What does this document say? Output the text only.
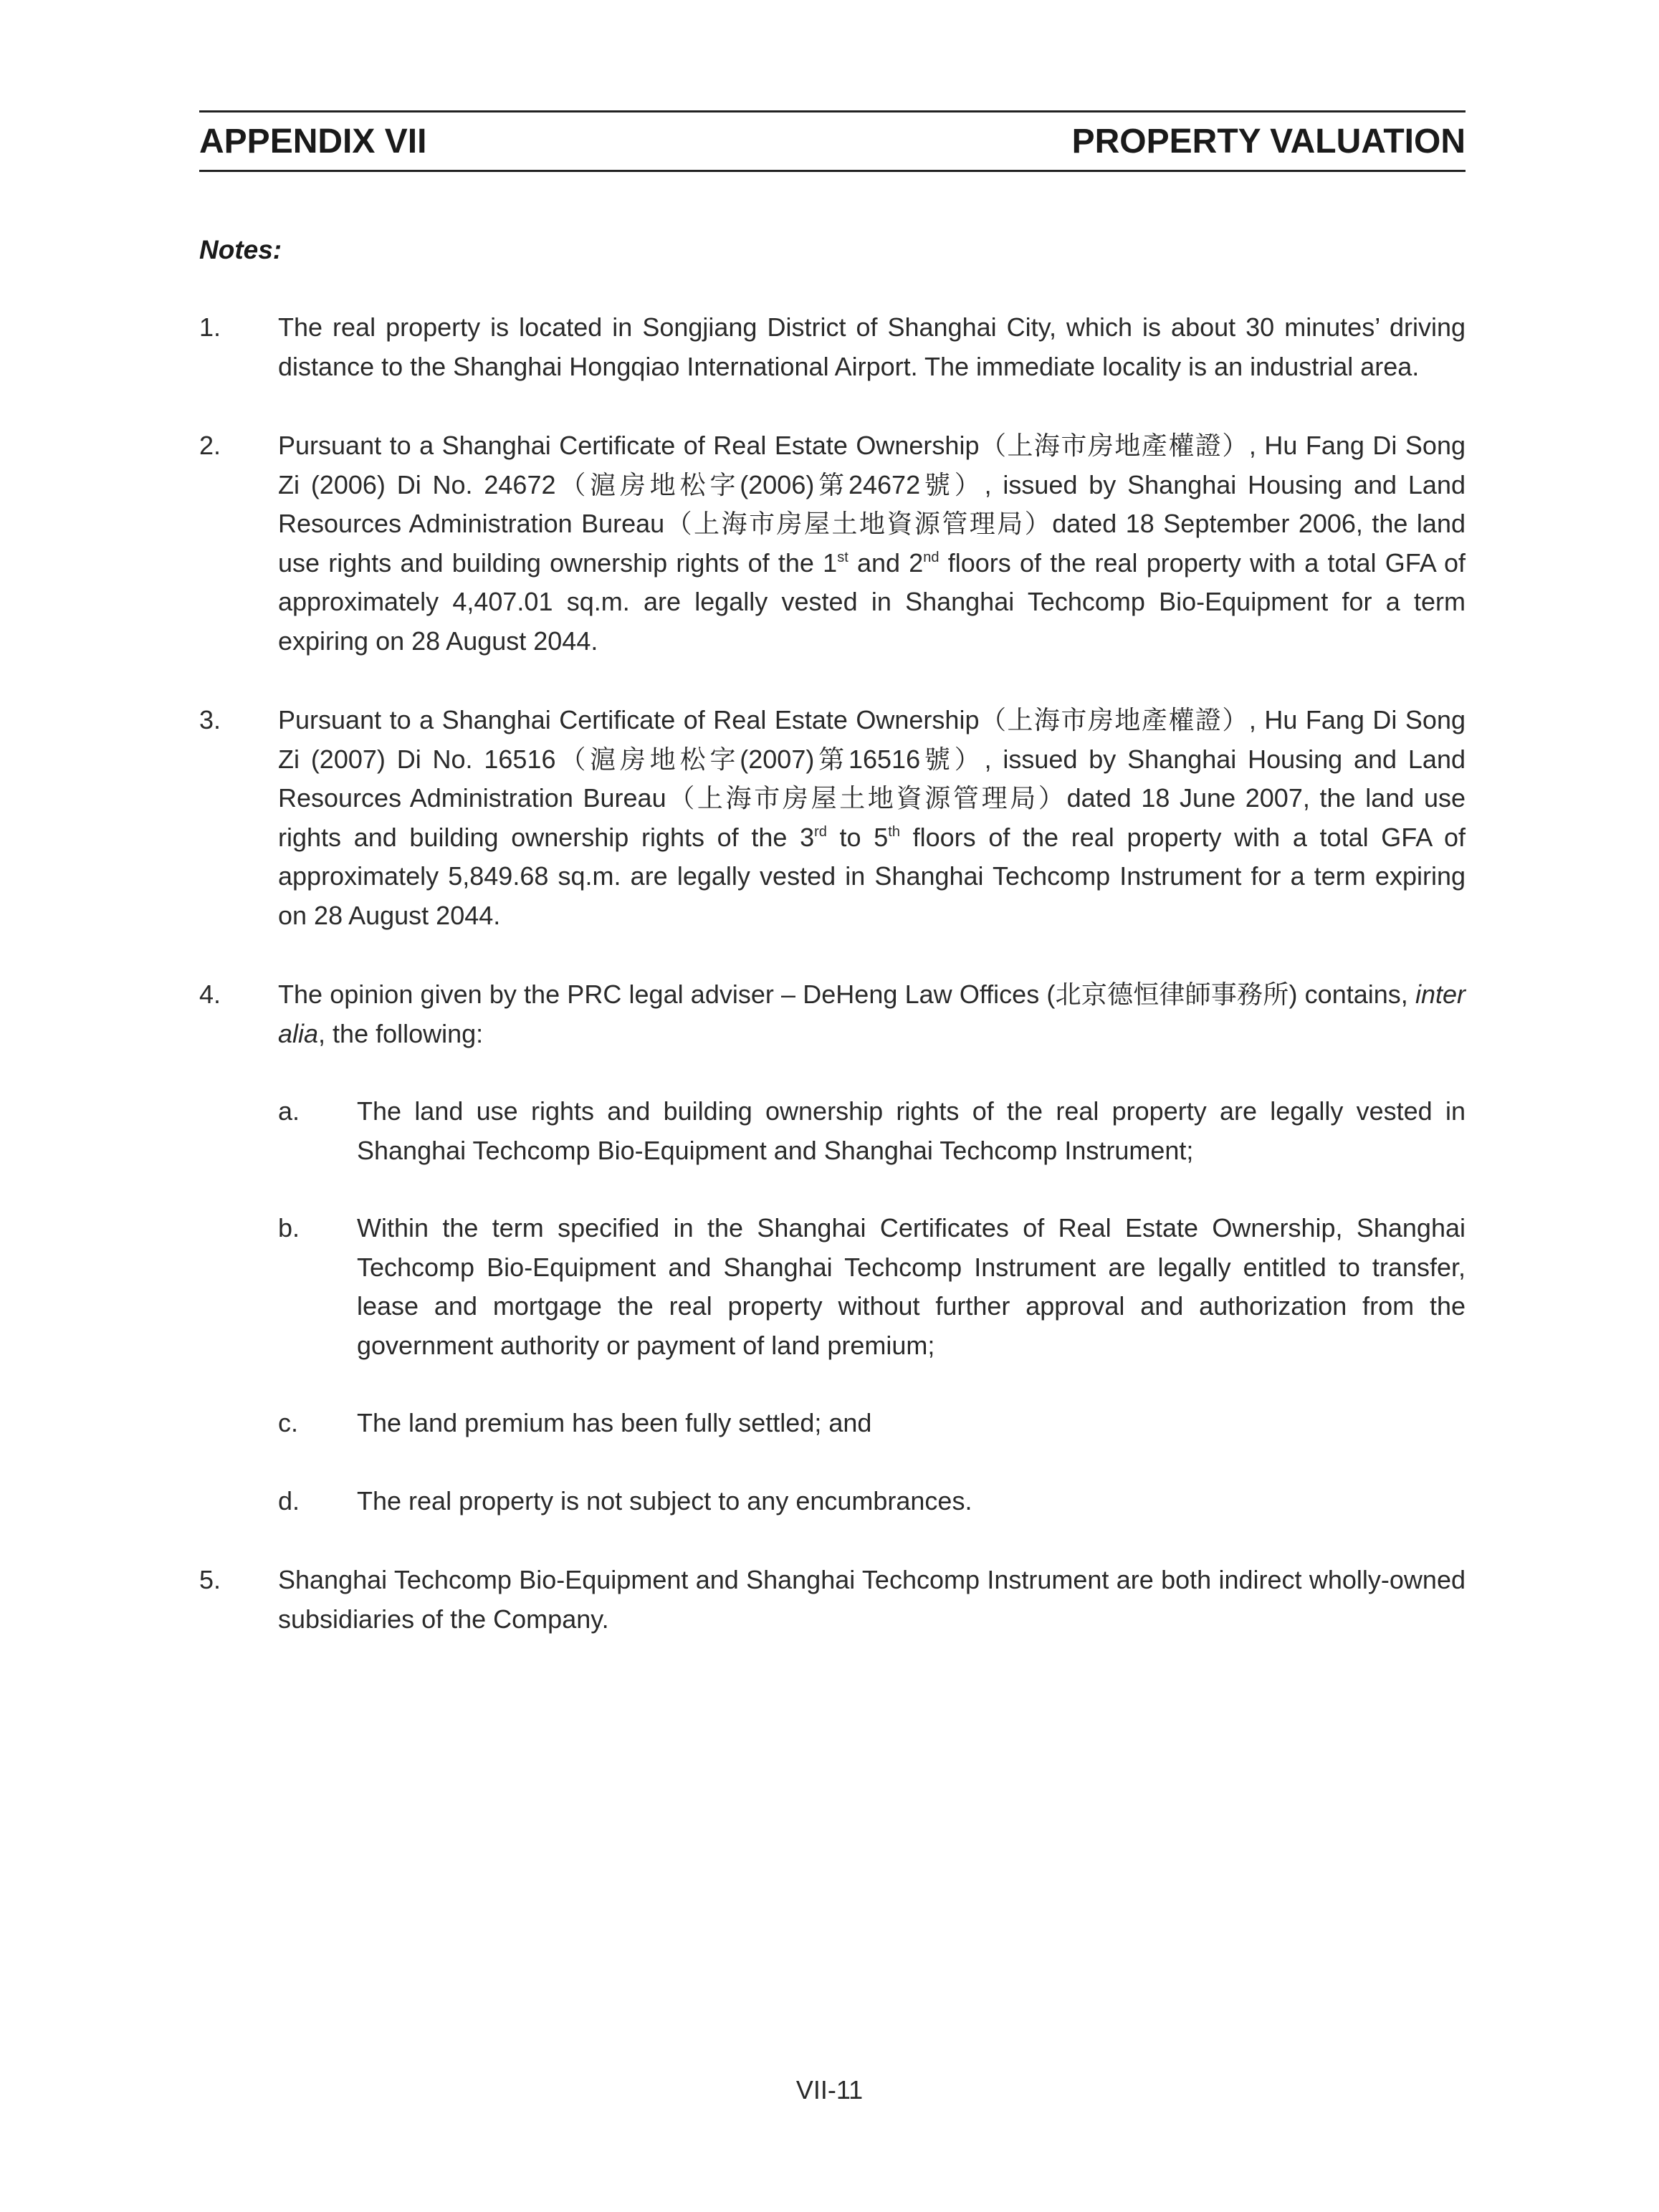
APPENDIX VII	PROPERTY VALUATION
Notes:
1.	The real property is located in Songjiang District of Shanghai City, which is about 30 minutes’ driving distance to the Shanghai Hongqiao International Airport. The immediate locality is an industrial area.
2.	Pursuant to a Shanghai Certificate of Real Estate Ownership（上海市房地產權證）, Hu Fang Di Song Zi (2006) Di No. 24672（滬房地松字(2006)第24672號）, issued by Shanghai Housing and Land Resources Administration Bureau（上海市房屋土地資源管理局）dated 18 September 2006, the land use rights and building ownership rights of the 1st and 2nd floors of the real property with a total GFA of approximately 4,407.01 sq.m. are legally vested in Shanghai Techcomp Bio-Equipment for a term expiring on 28 August 2044.
3.	Pursuant to a Shanghai Certificate of Real Estate Ownership（上海市房地產權證）, Hu Fang Di Song Zi (2007) Di No. 16516（滬房地松字(2007)第16516號）, issued by Shanghai Housing and Land Resources Administration Bureau（上海市房屋土地資源管理局）dated 18 June 2007, the land use rights and building ownership rights of the 3rd to 5th floors of the real property with a total GFA of approximately 5,849.68 sq.m. are legally vested in Shanghai Techcomp Instrument for a term expiring on 28 August 2044.
4.	The opinion given by the PRC legal adviser – DeHeng Law Offices (北京德恒律師事務所) contains, inter alia, the following:
a.	The land use rights and building ownership rights of the real property are legally vested in Shanghai Techcomp Bio-Equipment and Shanghai Techcomp Instrument;
b.	Within the term specified in the Shanghai Certificates of Real Estate Ownership, Shanghai Techcomp Bio-Equipment and Shanghai Techcomp Instrument are legally entitled to transfer, lease and mortgage the real property without further approval and authorization from the government authority or payment of land premium;
c.	The land premium has been fully settled; and
d.	The real property is not subject to any encumbrances.
5.	Shanghai Techcomp Bio-Equipment and Shanghai Techcomp Instrument are both indirect wholly-owned subsidiaries of the Company.
VII-11
